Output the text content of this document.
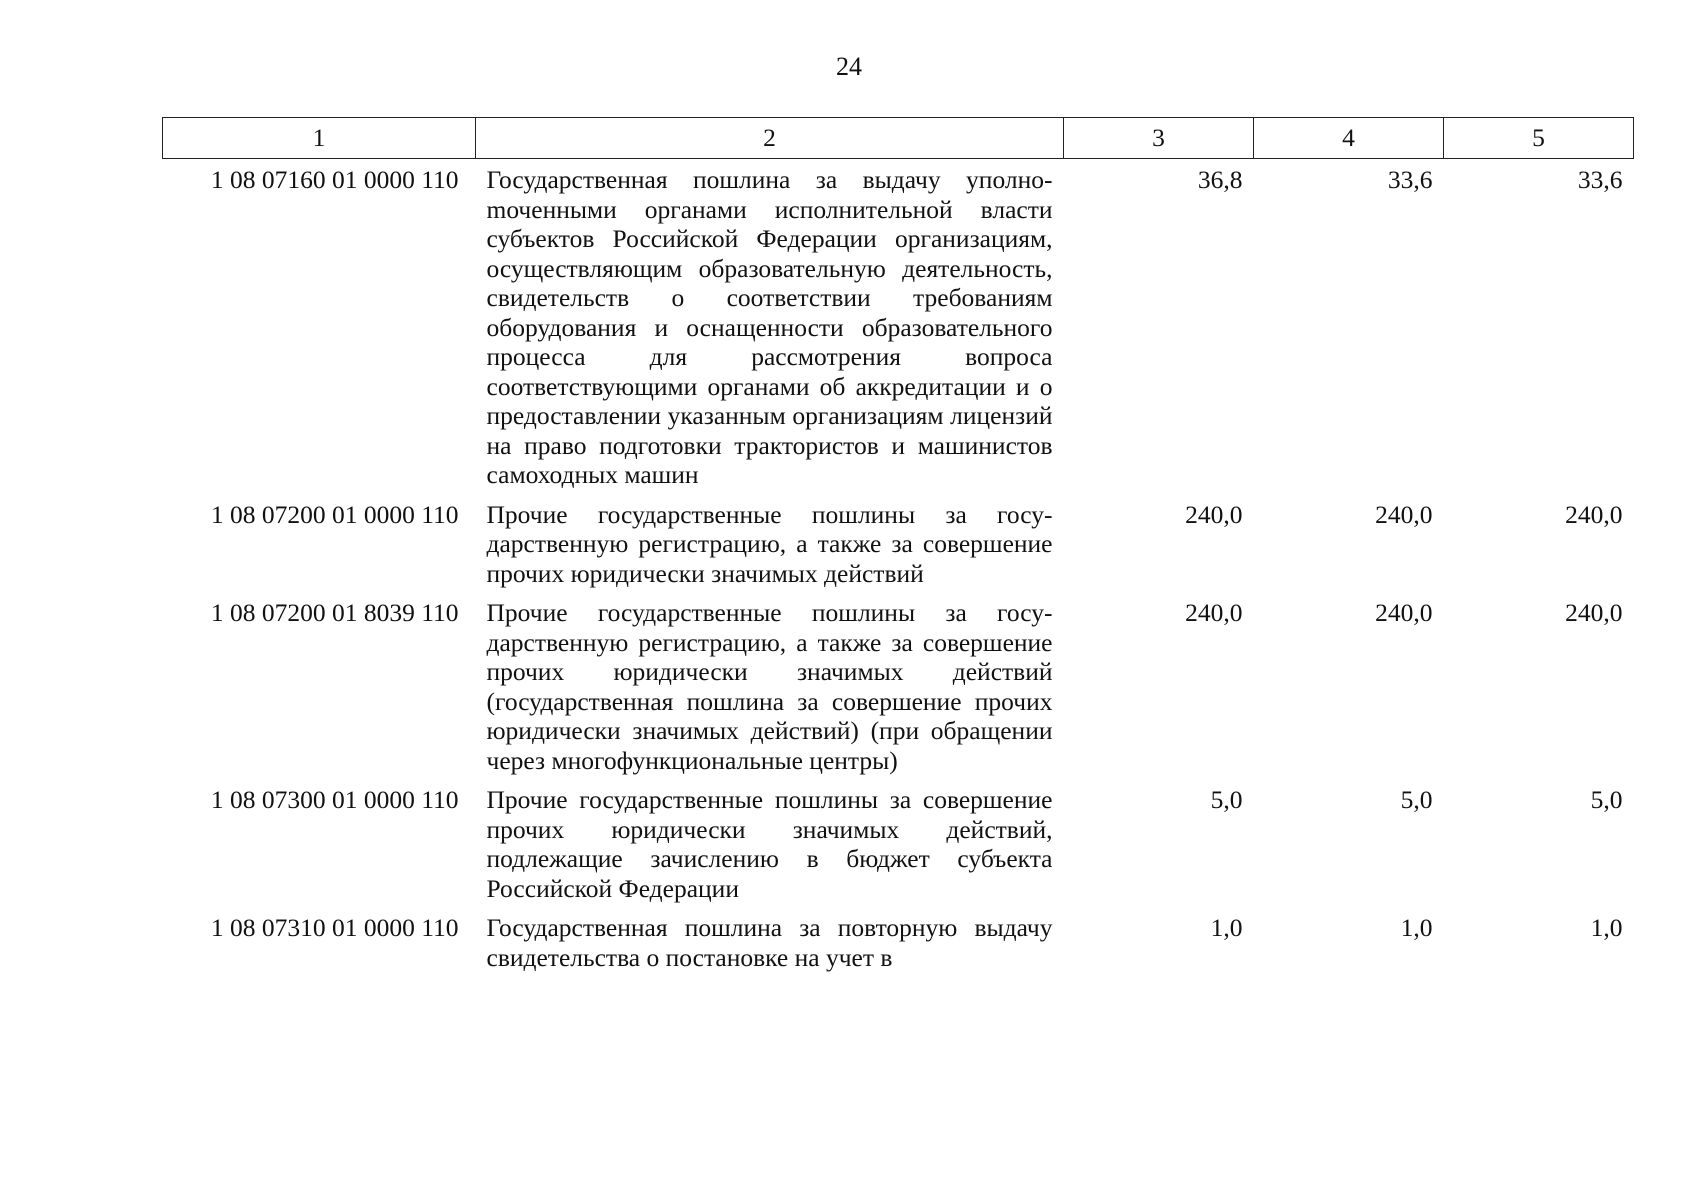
24
1	2	3	4	5
1 08 07160 01 0000 110	Государственная пошлина за выдачу уполноmоченными органами исполнительной власти субъектов Российской Федерации организациям, осуществляющим образовательную деятельность, свидетельств о соответствии требованиям оборудования и оснащенности образовательного процесса для рассмотрения вопроса соответствующими органами об аккредитации и о предоставлении указанным организациям лицензий на право подготовки трактористов и машинистов самоходных машин	36,8	33,6	33,6
1 08 07200 01 0000 110	Прочие государственные пошлины за государственную регистрацию, а также за совершение прочих юридически значимых действий	240,0	240,0	240,0
1 08 07200 01 8039 110	Прочие государственные пошлины за государственную регистрацию, а также за совершение прочих юридически значимых действий (государственная пошлина за совершение прочих юридически значимых действий) (при обращении через многофункциональные центры)	240,0	240,0	240,0
1 08 07300 01 0000 110	Прочие государственные пошлины за совершение прочих юридически значимых действий, подлежащие зачислению в бюджет субъекта Российской Федерации	5,0	5,0	5,0
1 08 07310 01 0000 110	Государственная пошлина за повторную выдачу свидетельства о постановке на учет в	1,0	1,0	1,0
